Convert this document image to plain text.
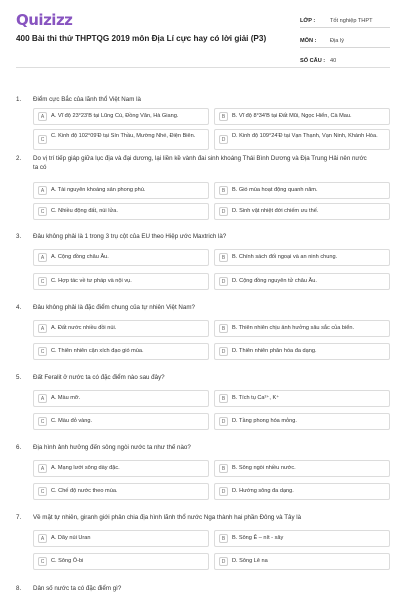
Quizizz
400 Bài thi thử THPTQG 2019 môn Địa Lí cực hay có lời giải (P3)
LỚP :	Tốt nghiệp THPT
MÔN :	Địa lý
SỐ CÂU : 40
1. Điểm cực Bắc của lãnh thổ Việt Nam là
A	A. Vĩ độ 23°23'B tại Lũng Cú, Đồng Văn, Hà Giang.	B	B. Vĩ độ 8°34'B tại Đất Mũi, Ngọc Hiển, Cà Mau.
C
C. Kinh độ 102°09'Đ tại Sín Thầu, Mường Nhé, Điện Biên.
D
D. Kinh độ 109°24'Đ tại Vạn Thạnh, Vạn Ninh, Khánh Hòa.
2. Do vị trí tiếp giáp giữa lục địa và đại dương, lại liền kề vành đai sinh khoáng Thái Bình Dương và Địa Trung Hải nên nước ta có
A	A. Tài nguyên khoáng sản phong phú.	B	B. Gió mùa hoạt động quanh năm.
C	C. Nhiều động đất, núi lửa.	D	D. Sinh vật nhiệt đới chiếm ưu thế.
3. Đâu không phải là 1 trong 3 trụ cột của EU theo Hiệp ước Maxtrich là?
A	A. Cộng đồng châu Âu.	B	B. Chính sách đối ngoại và an ninh chung.
C	C. Hợp tác về tư pháp và nội vụ.	D	D. Cộng đồng nguyên tử châu Âu.
4. Đâu không phải là đặc điểm chung của tự nhiên Việt Nam?
A	A. Đất nước nhiều đồi núi.	B	B. Thiên nhiên chịu ảnh hưởng sâu sắc của biển.
C	C. Thiên nhiên cận xích đạo gió mùa.	D	D. Thiên nhiên phân hóa đa dạng.
5. Đất Feralit ở nước ta có đặc điểm nào sau đây?
A	A. Màu mỡ.	B	B. Tích tụ Ca²⁺, K⁺
C	C. Màu đỏ vàng.	D	D. Tầng phong hóa mỏng.
6. Địa hình ảnh hưởng đến sông ngòi nước ta như thế nào?
A	A. Mạng lưới sông dày đặc.	B	B. Sông ngòi nhiều nước.
C	C. Chế độ nước theo mùa.	D	D. Hướng sông đa dạng.
7. Về mặt tự nhiên, giranh giới phân chia địa hình lãnh thổ nước Nga thành hai phần Đông và Tây là
A	A. Dãy núi Uran	B	B. Sông Ê – nít - xây
C	C. Sông Ô-bi	D	D. Sông Lê na
8. Dân số nước ta có đặc điểm gì?
